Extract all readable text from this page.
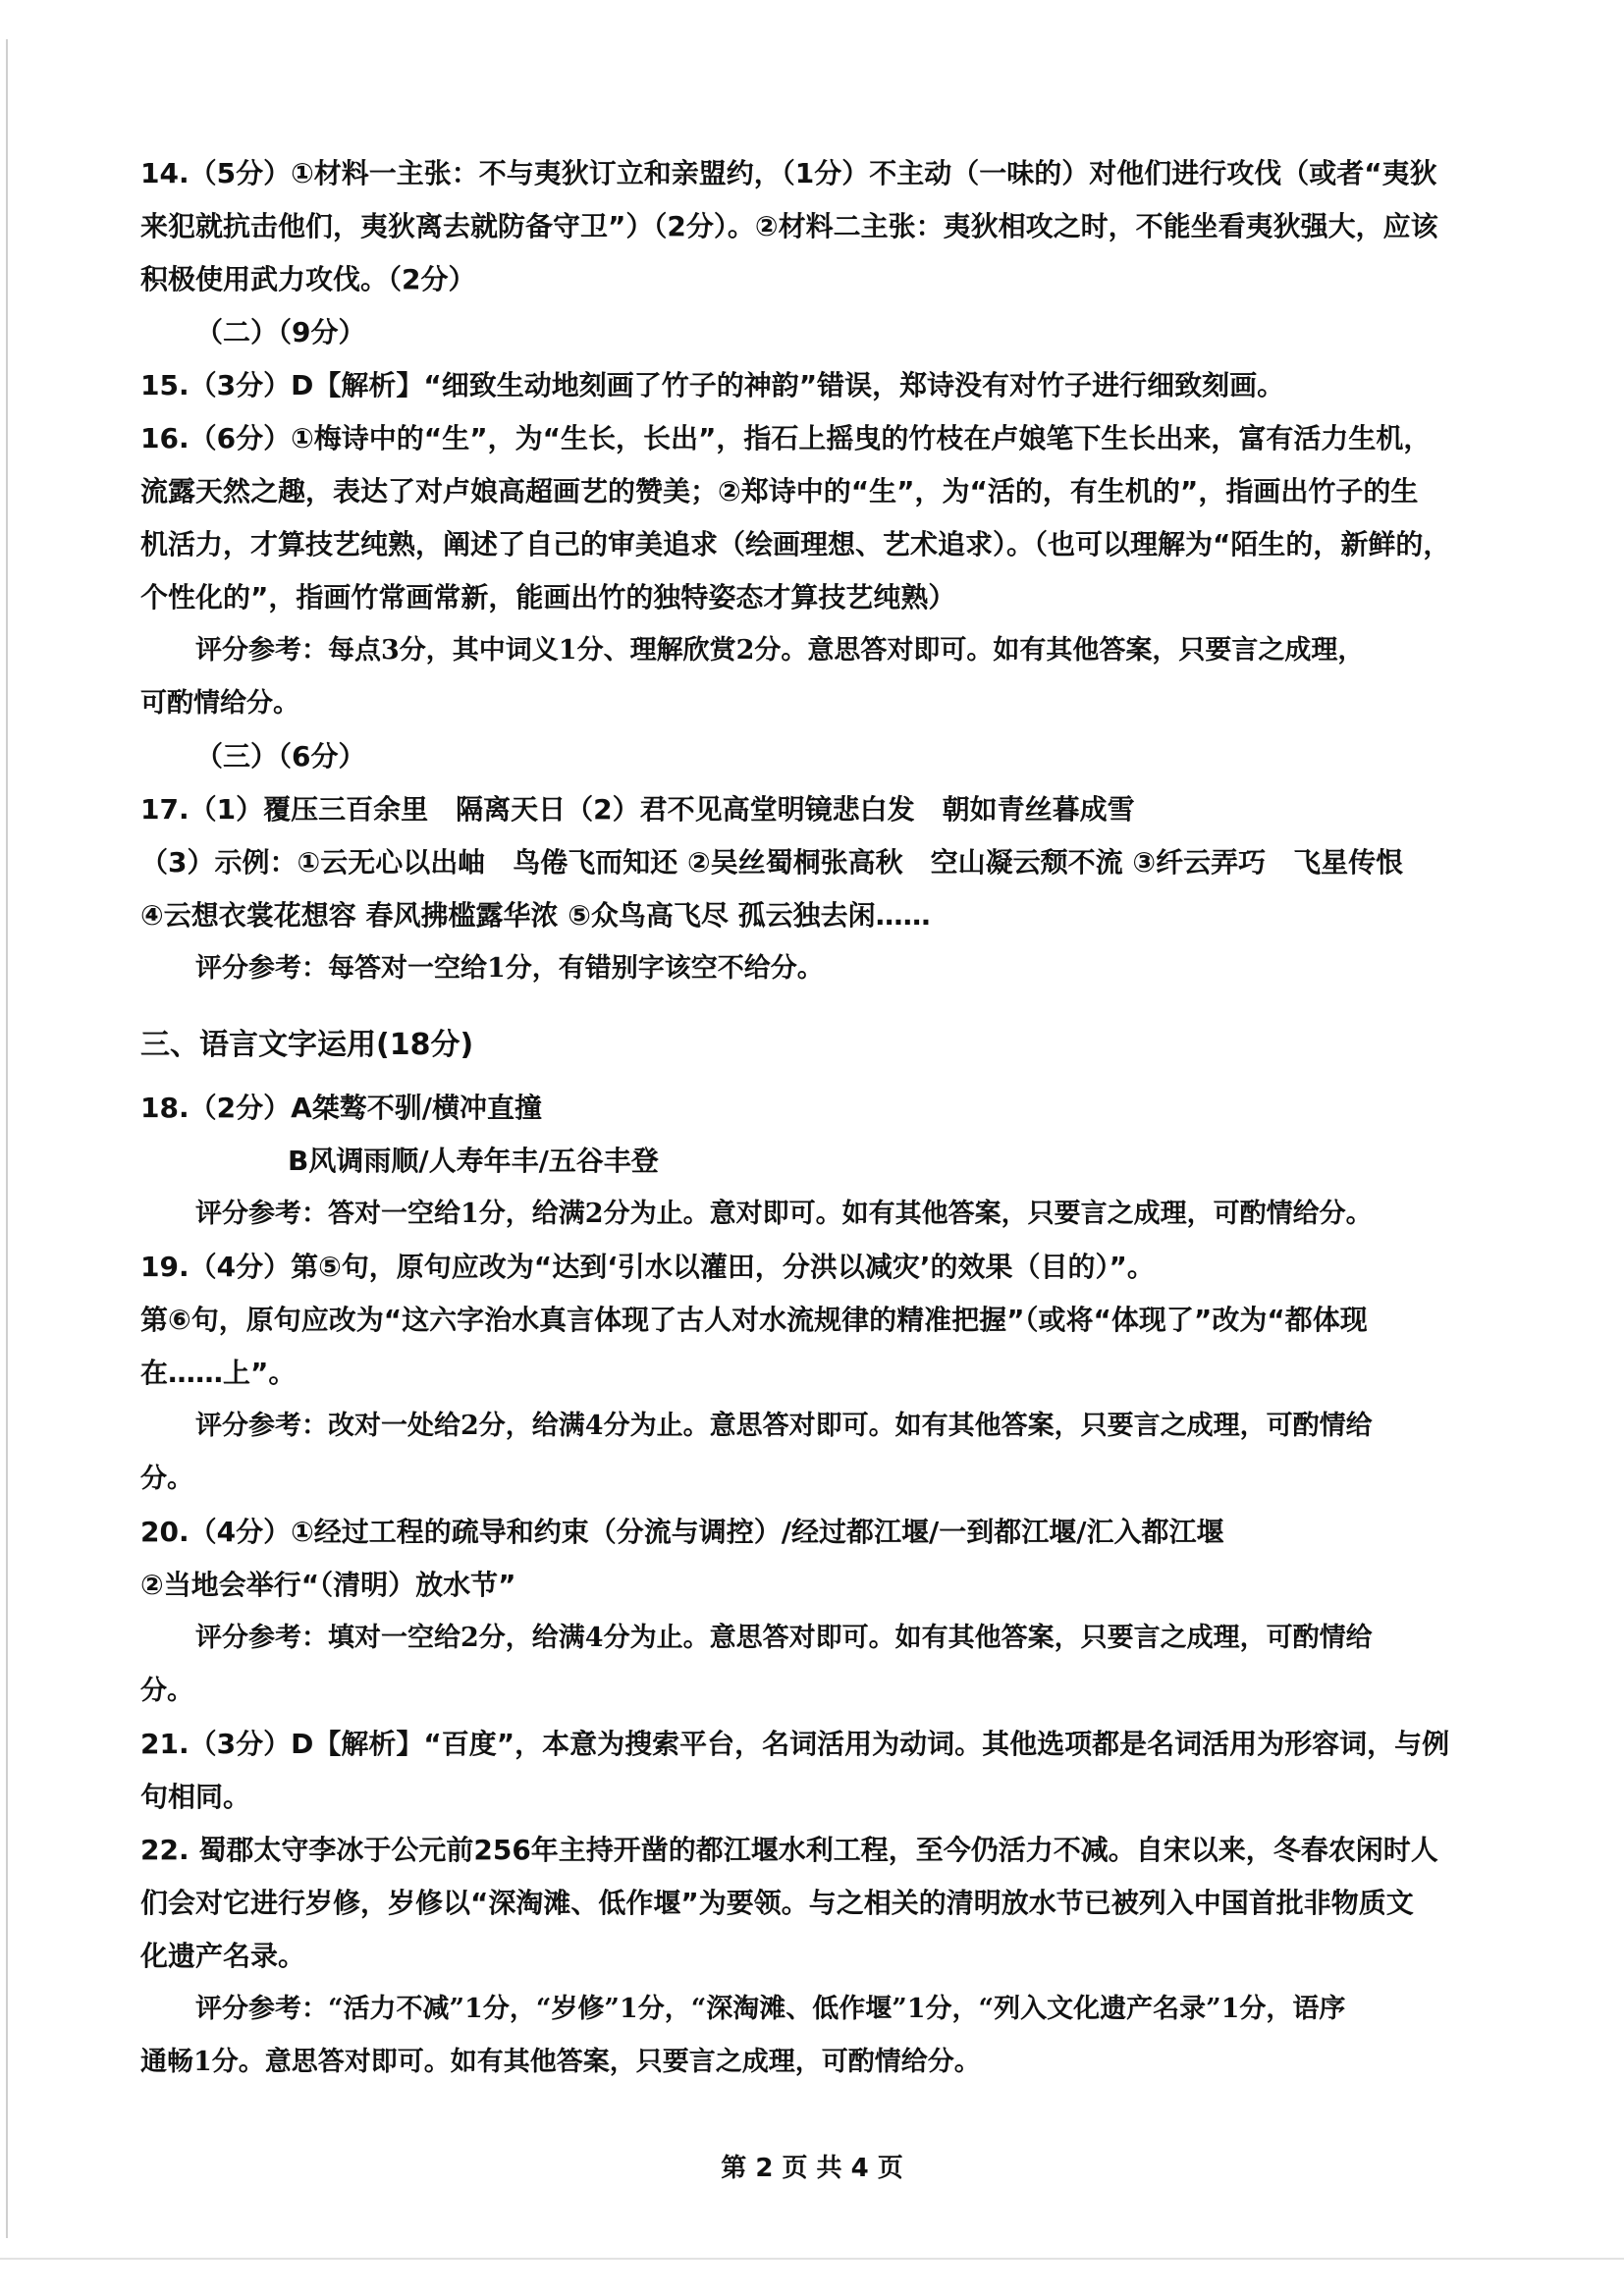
14.（5分）①材料一主张：不与夷狄订立和亲盟约，（1分）不主动（一味的）对他们进行攻伐（或者“夷狄

来犯就抗击他们，夷狄离去就防备守卫”）（2分）。②材料二主张：夷狄相攻之时，不能坐看夷狄强大，应该

积极使用武力攻伐。（2分）

（二）（9分）

15.（3分）D【解析】“细致生动地刻画了竹子的神韵”错误，郑诗没有对竹子进行细致刻画。

16.（6分）①梅诗中的“生”，为“生长，长出”，指石上摇曳的竹枝在卢娘笔下生长出来，富有活力生机，

流露天然之趣，表达了对卢娘高超画艺的赞美；②郑诗中的“生”，为“活的，有生机的”，指画出竹子的生

机活力，才算技艺纯熟，阐述了自己的审美追求（绘画理想、艺术追求）。（也可以理解为“陌生的，新鲜的，

个性化的”，指画竹常画常新，能画出竹的独特姿态才算技艺纯熟）

评分参考：每点3分，其中词义1分、理解欣赏2分。意思答对即可。如有其他答案，只要言之成理，

可酌情给分。

（三）（6分）

17.（1）覆压三百余里　隔离天日（2）君不见高堂明镜悲白发　朝如青丝暮成雪

（3）示例：①云无心以出岫　鸟倦飞而知还 ②吴丝蜀桐张高秋　空山凝云颓不流 ③纤云弄巧　飞星传恨

④云想衣裳花想容 春风拂槛露华浓 ⑤众鸟高飞尽 孤云独去闲……

评分参考：每答对一空给1分，有错别字该空不给分。

三、语言文字运用(18分)

18.（2分）A桀骜不驯/横冲直撞

B风调雨顺/人寿年丰/五谷丰登

评分参考：答对一空给1分，给满2分为止。意对即可。如有其他答案，只要言之成理，可酌情给分。

19.（4分）第⑤句，原句应改为“达到‘引水以灌田，分洪以减灾’的效果（目的）”。

第⑥句，原句应改为“这六字治水真言体现了古人对水流规律的精准把握”（或将“体现了”改为“都体现

在……上”。

评分参考：改对一处给2分，给满4分为止。意思答对即可。如有其他答案，只要言之成理，可酌情给

分。

20.（4分）①经过工程的疏导和约束（分流与调控）/经过都江堰/一到都江堰/汇入都江堰

②当地会举行“（清明）放水节”

评分参考：填对一空给2分，给满4分为止。意思答对即可。如有其他答案，只要言之成理，可酌情给

分。

21.（3分）D【解析】“百度”，本意为搜索平台，名词活用为动词。其他选项都是名词活用为形容词，与例

句相同。

22. 蜀郡太守李冰于公元前256年主持开凿的都江堰水利工程，至今仍活力不减。自宋以来，冬春农闲时人

们会对它进行岁修，岁修以“深淘滩、低作堰”为要领。与之相关的清明放水节已被列入中国首批非物质文

化遗产名录。

评分参考：“活力不减”1分，“岁修”1分，“深淘滩、低作堰”1分，“列入文化遗产名录”1分，语序

通畅1分。意思答对即可。如有其他答案，只要言之成理，可酌情给分。

第 2 页 共 4 页
